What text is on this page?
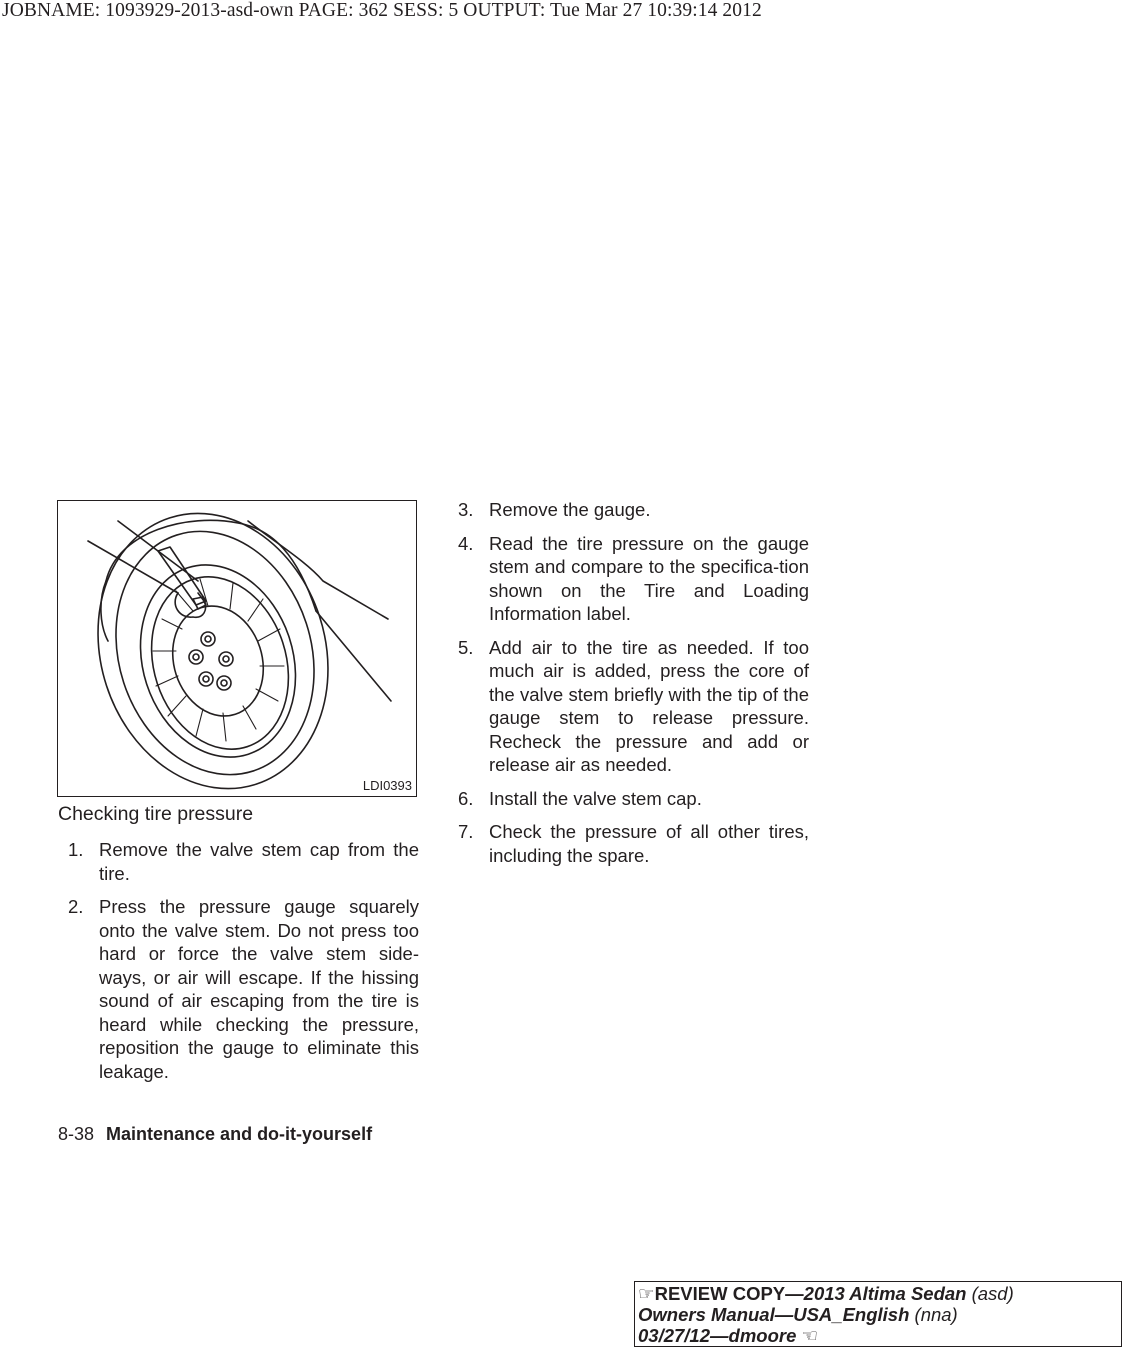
JOBNAME: 1093929-2013-asd-own PAGE: 362 SESS: 5 OUTPUT: Tue Mar 27 10:39:14 2012
LDI0393
Checking tire pressure
1. Remove the valve stem cap from the tire.
2. Press the pressure gauge squarely onto the valve stem. Do not press too hard or force the valve stem side-ways, or air will escape. If the hissing sound of air escaping from the tire is heard while checking the pressure, reposition the gauge to eliminate this leakage.
3. Remove the gauge.
4. Read the tire pressure on the gauge stem and compare to the specifica-tion shown on the Tire and Loading Information label.
5. Add air to the tire as needed. If too much air is added, press the core of the valve stem briefly with the tip of the gauge stem to release pressure. Recheck the pressure and add or release air as needed.
6. Install the valve stem cap.
7. Check the pressure of all other tires, including the spare.
8-38 Maintenance and do-it-yourself
☞REVIEW COPY—2013 Altima Sedan (asd)
Owners Manual—USA_English (nna)
03/27/12—dmoore ☜
